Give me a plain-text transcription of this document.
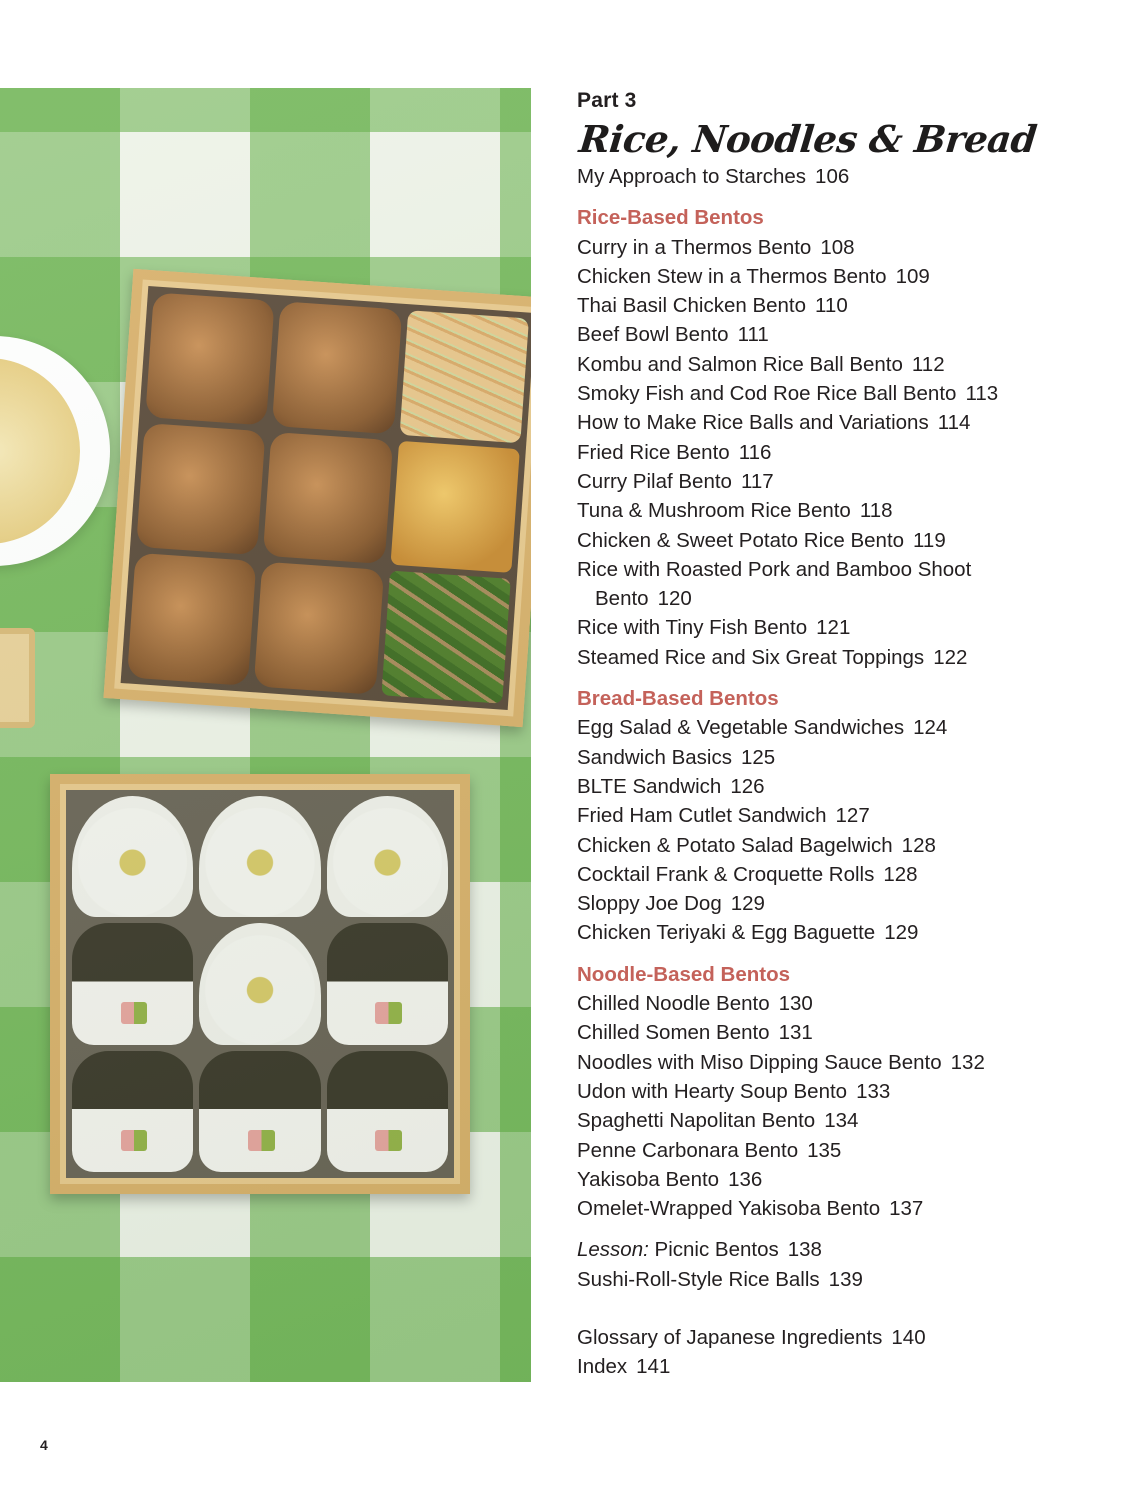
Part 3
Rice, Noodles & Bread
My Approach to Starches 106
Rice-Based Bentos
Curry in a Thermos Bento 108
Chicken Stew in a Thermos Bento 109
Thai Basil Chicken Bento 110
Beef Bowl Bento 111
Kombu and Salmon Rice Ball Bento 112
Smoky Fish and Cod Roe Rice Ball Bento 113
How to Make Rice Balls and Variations 114
Fried Rice Bento 116
Curry Pilaf Bento 117
Tuna & Mushroom Rice Bento 118
Chicken & Sweet Potato Rice Bento 119
Rice with Roasted Pork and Bamboo Shoot
Bento 120
Rice with Tiny Fish Bento 121
Steamed Rice and Six Great Toppings 122
Bread-Based Bentos
Egg Salad & Vegetable Sandwiches 124
Sandwich Basics 125
BLTE Sandwich 126
Fried Ham Cutlet Sandwich 127
Chicken & Potato Salad Bagelwich 128
Cocktail Frank & Croquette Rolls 128
Sloppy Joe Dog 129
Chicken Teriyaki & Egg Baguette 129
Noodle-Based Bentos
Chilled Noodle Bento 130
Chilled Somen Bento 131
Noodles with Miso Dipping Sauce Bento 132
Udon with Hearty Soup Bento 133
Spaghetti Napolitan Bento 134
Penne Carbonara Bento 135
Yakisoba Bento 136
Omelet-Wrapped Yakisoba Bento 137
Lesson: Picnic Bentos 138
Sushi-Roll-Style Rice Balls 139
Glossary of Japanese Ingredients 140
Index 141
4
